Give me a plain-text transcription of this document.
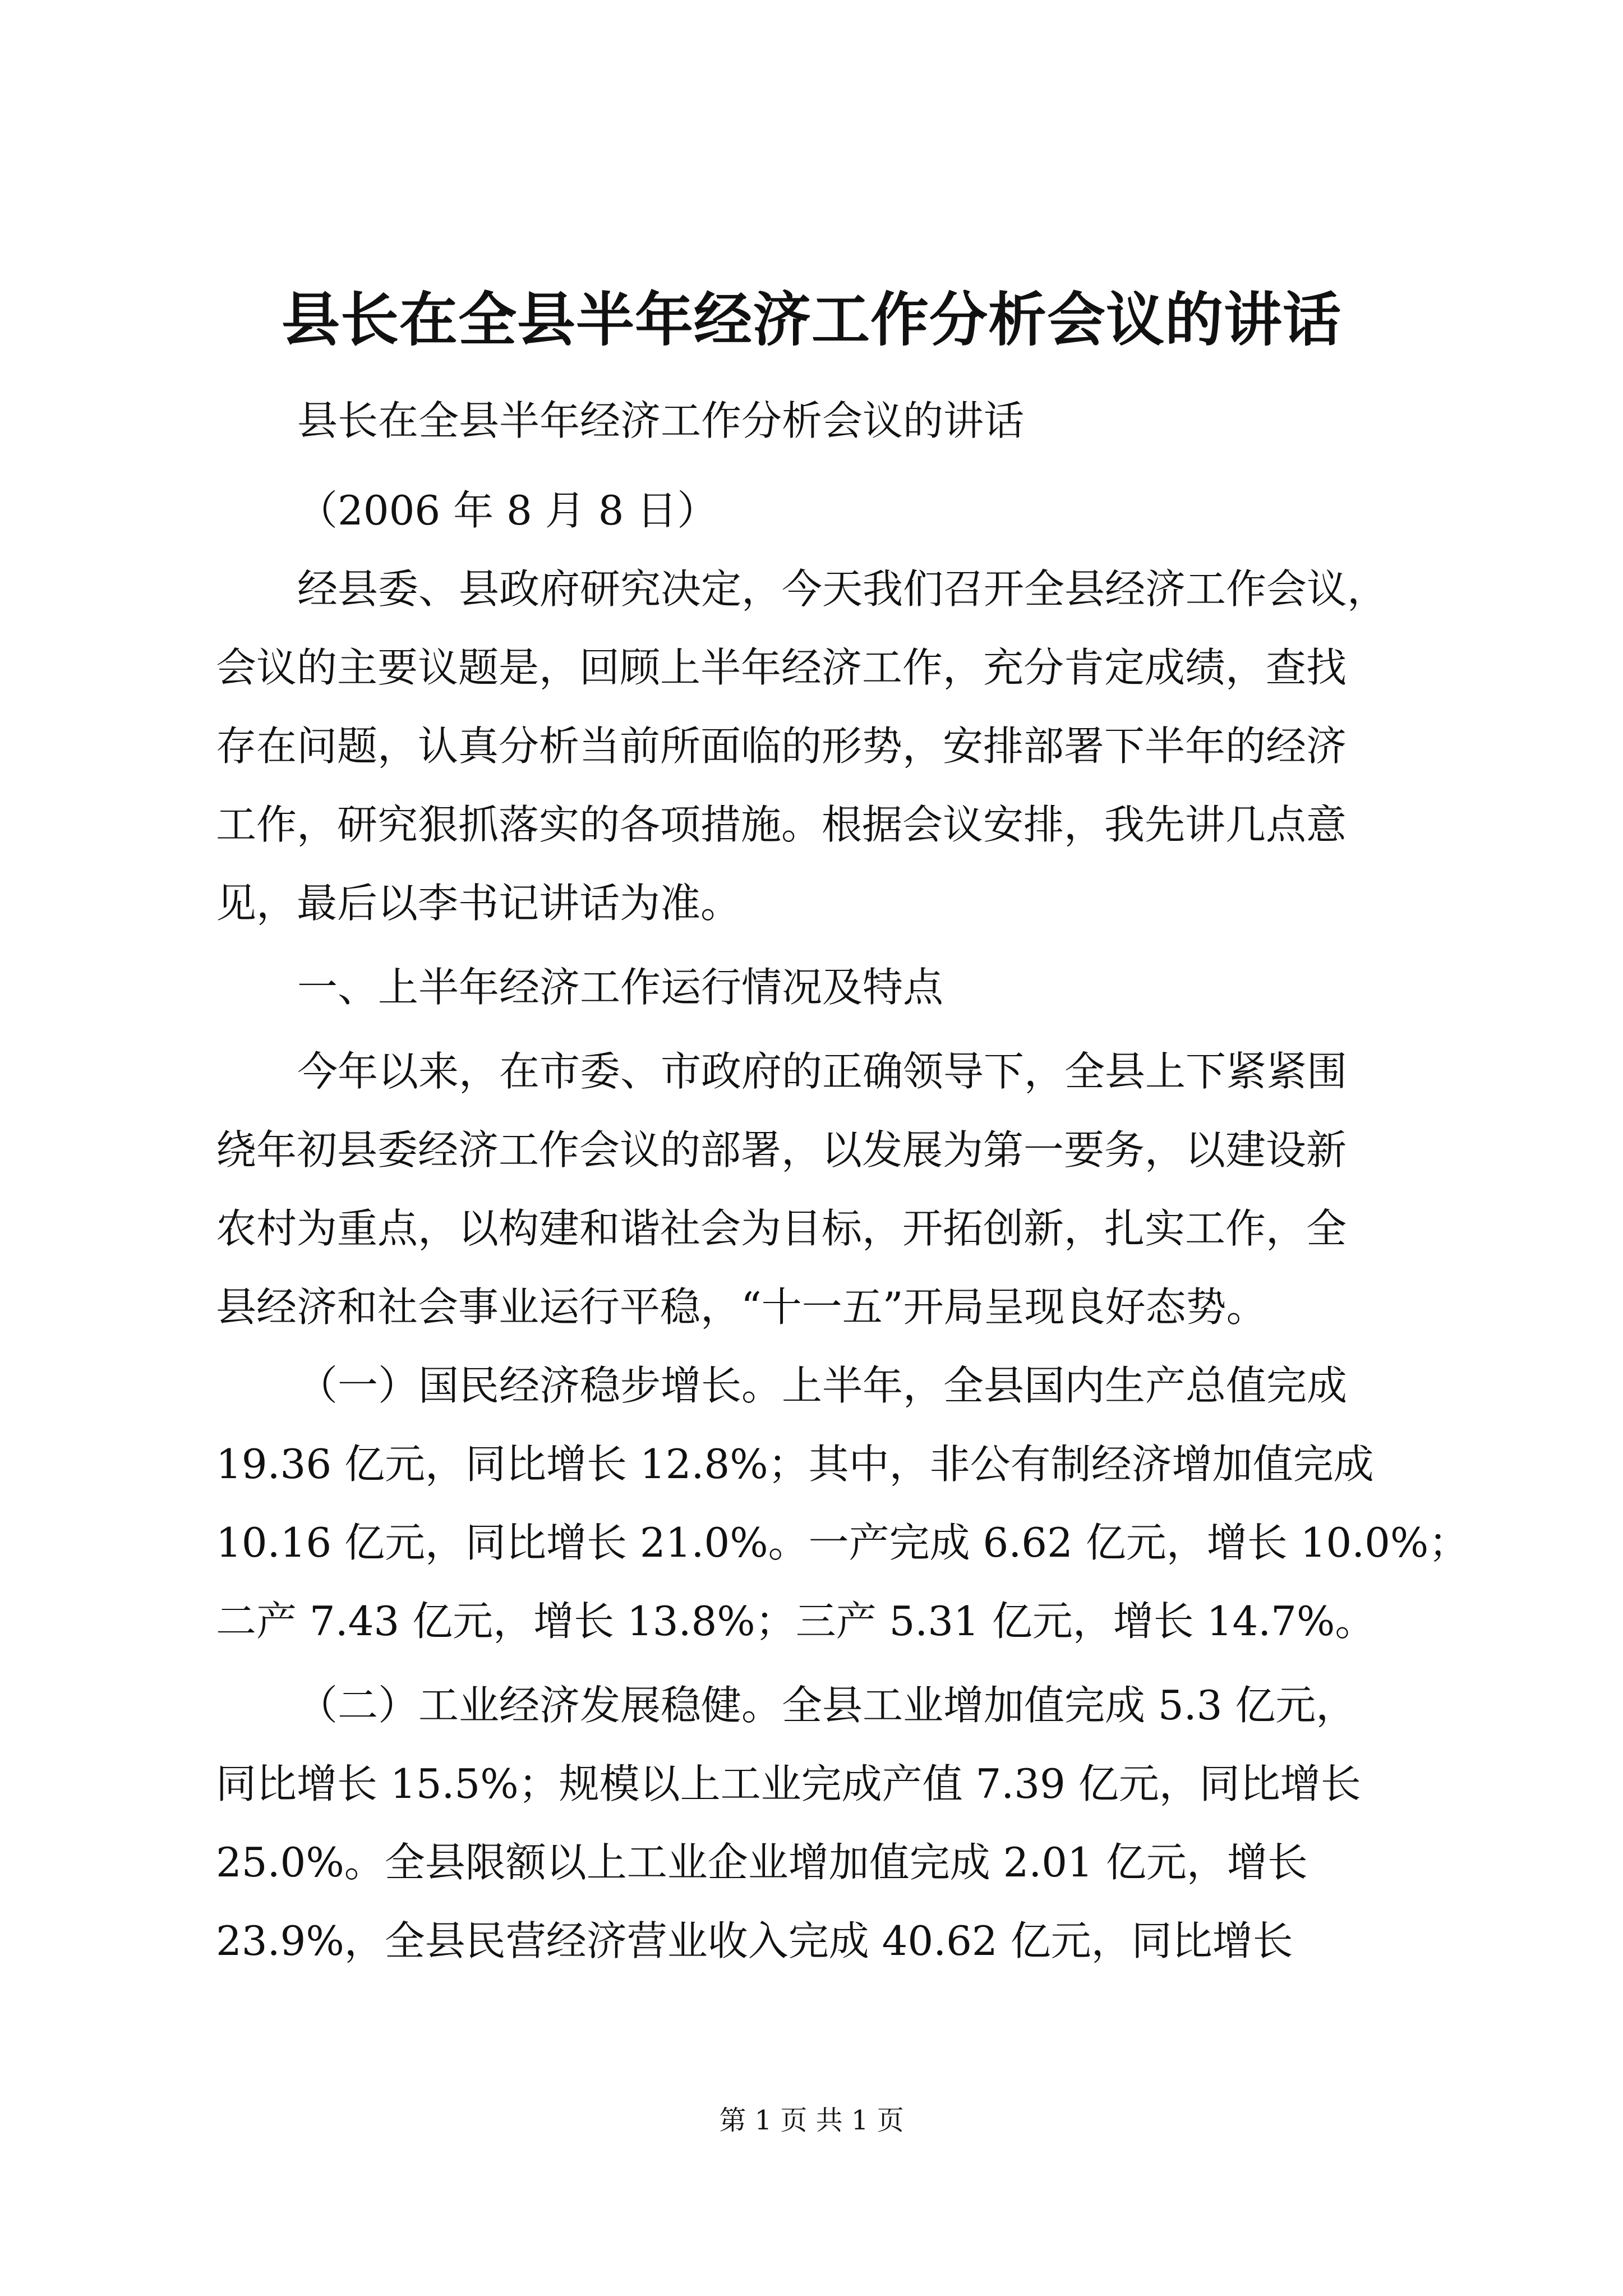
县长在全县半年经济工作分析会议的讲话
县长在全县半年经济工作分析会议的讲话
（2006 年 8 月 8 日）
经县委、县政府研究决定，今天我们召开全县经济工作会议，
会议的主要议题是，回顾上半年经济工作，充分肯定成绩，查找
存在问题，认真分析当前所面临的形势，安排部署下半年的经济
工作，研究狠抓落实的各项措施。根据会议安排，我先讲几点意
见，最后以李书记讲话为准。
一、上半年经济工作运行情况及特点
今年以来，在市委、市政府的正确领导下，全县上下紧紧围
绕年初县委经济工作会议的部署，以发展为第一要务，以建设新
农村为重点，以构建和谐社会为目标，开拓创新，扎实工作，全
县经济和社会事业运行平稳，“十一五”开局呈现良好态势。
（一）国民经济稳步增长。上半年，全县国内生产总值完成
19.36 亿元，同比增长 12.8%；其中，非公有制经济增加值完成
10.16 亿元，同比增长 21.0%。一产完成 6.62 亿元，增长 10.0%；
二产 7.43 亿元，增长 13.8%；三产 5.31 亿元，增长 14.7%。
（二）工业经济发展稳健。全县工业增加值完成 5.3 亿元，
同比增长 15.5%；规模以上工业完成产值 7.39 亿元，同比增长
25.0%。全县限额以上工业企业增加值完成 2.01 亿元，增长
23.9%，全县民营经济营业收入完成 40.62 亿元，同比增长
第 1 页 共 1 页
